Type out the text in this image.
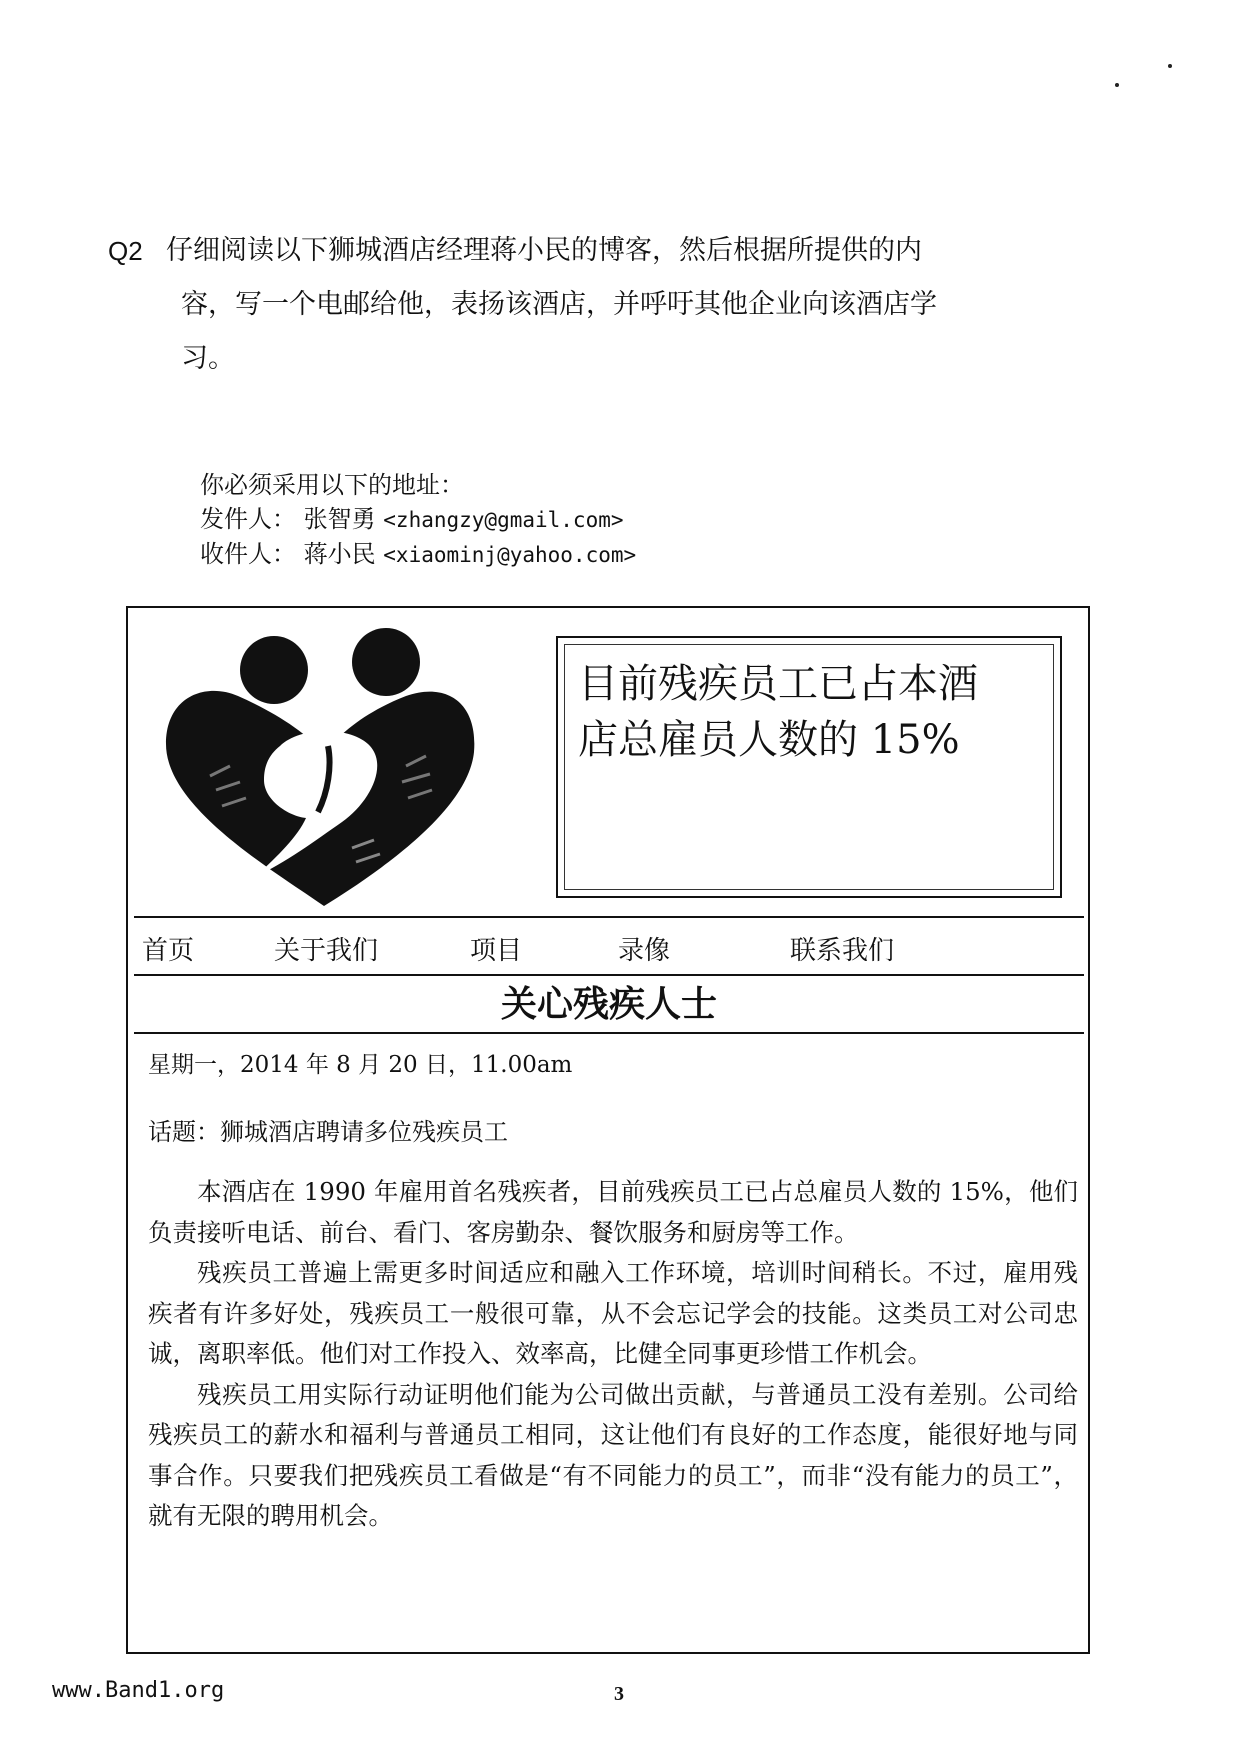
Q2 仔细阅读以下狮城酒店经理蒋小民的博客，然后根据所提供的内
容，写一个电邮给他，表扬该酒店，并呼吁其他企业向该酒店学
习。
你必须采用以下的地址：
发件人： 张智勇 <zhangzy@gmail.com>
收件人： 蒋小民 <xiaominj@yahoo.com>
目前残疾员工已占本酒
店总雇员人数的 15%
首页	关于我们	项目	录像	联系我们
关心残疾人士
星期一，2014 年 8 月 20 日，11.00am
话题：狮城酒店聘请多位残疾员工

本酒店在 1990 年雇用首名残疾者，目前残疾员工已占总雇员人数的 15%，他们负责接听电话、前台、看门、客房勤杂、餐饮服务和厨房等工作。

残疾员工普遍上需更多时间适应和融入工作环境，培训时间稍长。不过，雇用残疾者有许多好处，残疾员工一般很可靠，从不会忘记学会的技能。这类员工对公司忠诚，离职率低。他们对工作投入、效率高，比健全同事更珍惜工作机会。

残疾员工用实际行动证明他们能为公司做出贡献，与普通员工没有差别。公司给残疾员工的薪水和福利与普通员工相同，这让他们有良好的工作态度，能很好地与同事合作。只要我们把残疾员工看做是“有不同能力的员工”，而非“没有能力的员工”，就有无限的聘用机会。

www.Band1.org	3
